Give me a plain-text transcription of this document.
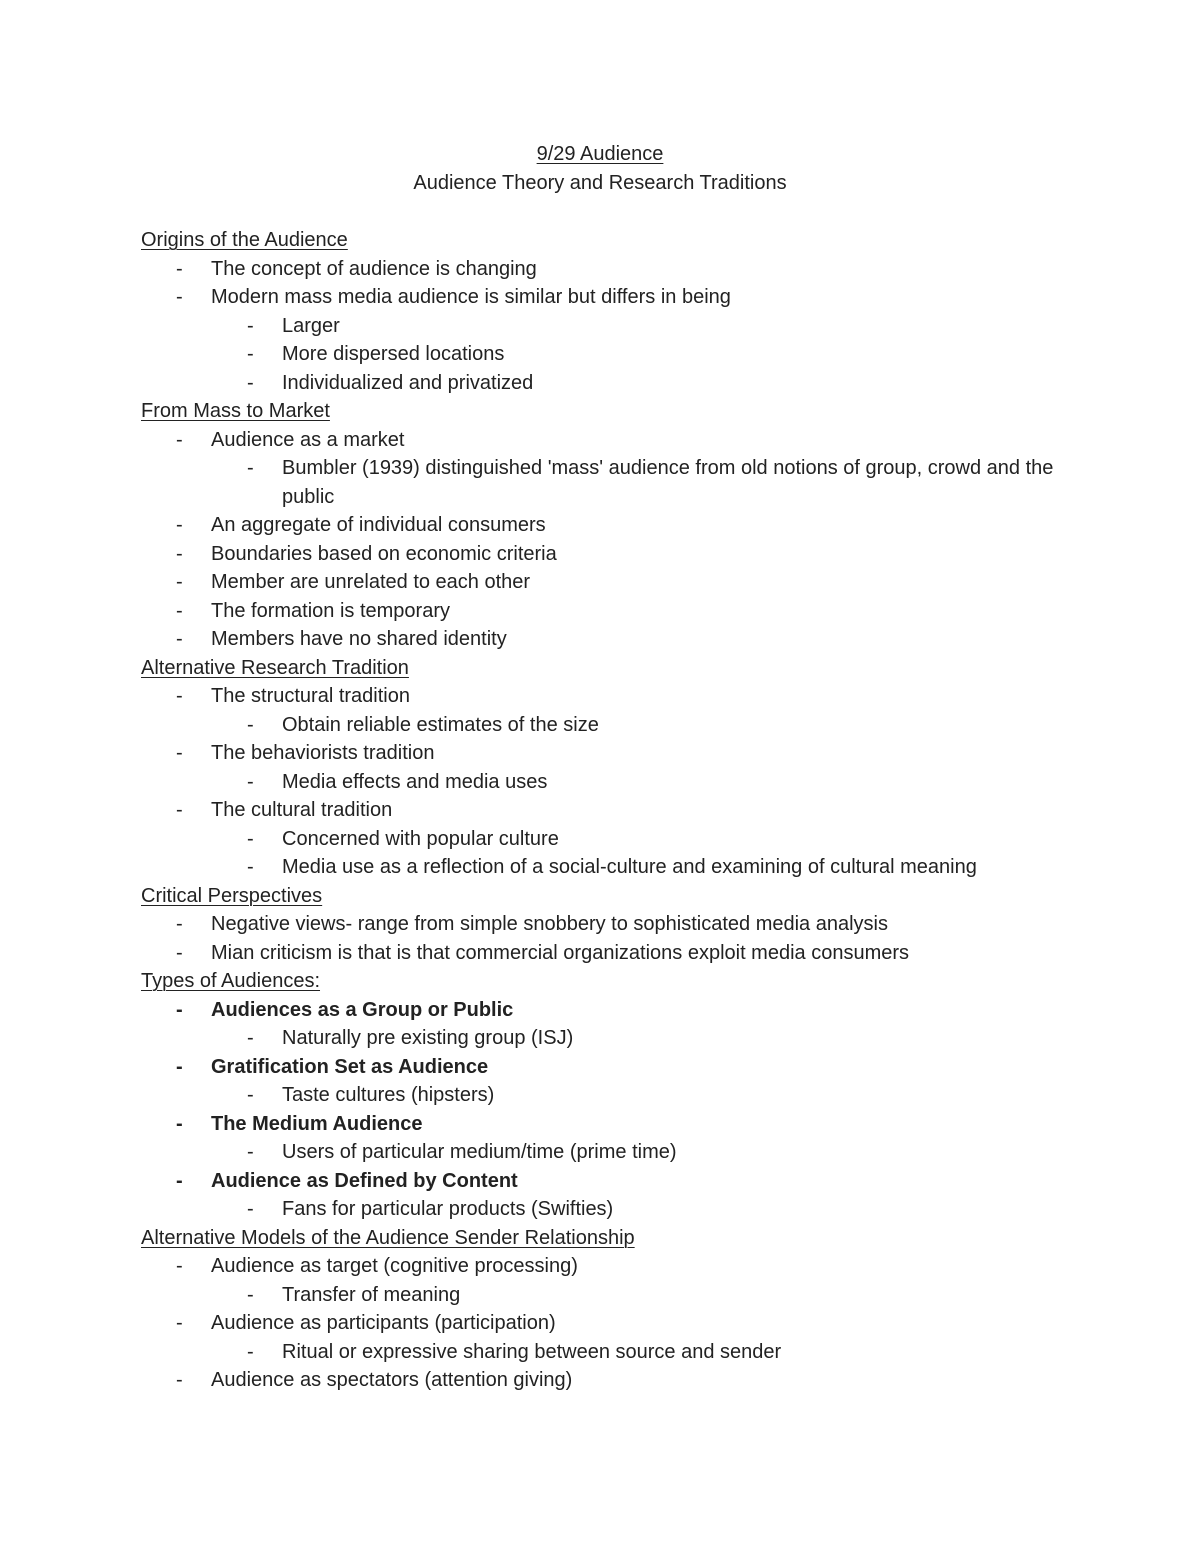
9/29 Audience
Audience Theory and Research Traditions
Origins of the Audience
- The concept of audience is changing
- Modern mass media audience is similar but differs in being
- Larger
- More dispersed locations
- Individualized and privatized
From Mass to Market
- Audience as a market
- Bumbler (1939) distinguished 'mass' audience from old notions of group, crowd and the public
- An aggregate of individual consumers
- Boundaries based on economic criteria
- Member are unrelated to each other
- The formation is temporary
- Members have no shared identity
Alternative Research Tradition
- The structural tradition
- Obtain reliable estimates of the size
- The behaviorists tradition
- Media effects and media uses
- The cultural tradition
- Concerned with popular culture
- Media use as a reflection of a social-culture and examining of cultural meaning
Critical Perspectives
- Negative views- range from simple snobbery to sophisticated media analysis
- Mian criticism is that is that commercial organizations exploit media consumers
Types of Audiences:
- Audiences as a Group or Public
- Naturally pre existing group (ISJ)
- Gratification Set as Audience
- Taste cultures (hipsters)
- The Medium Audience
- Users of particular medium/time (prime time)
- Audience as Defined by Content
- Fans for particular products (Swifties)
Alternative Models of the Audience Sender Relationship
- Audience as target (cognitive processing)
- Transfer of meaning
- Audience as participants (participation)
- Ritual or expressive sharing between source and sender
- Audience as spectators (attention giving)
